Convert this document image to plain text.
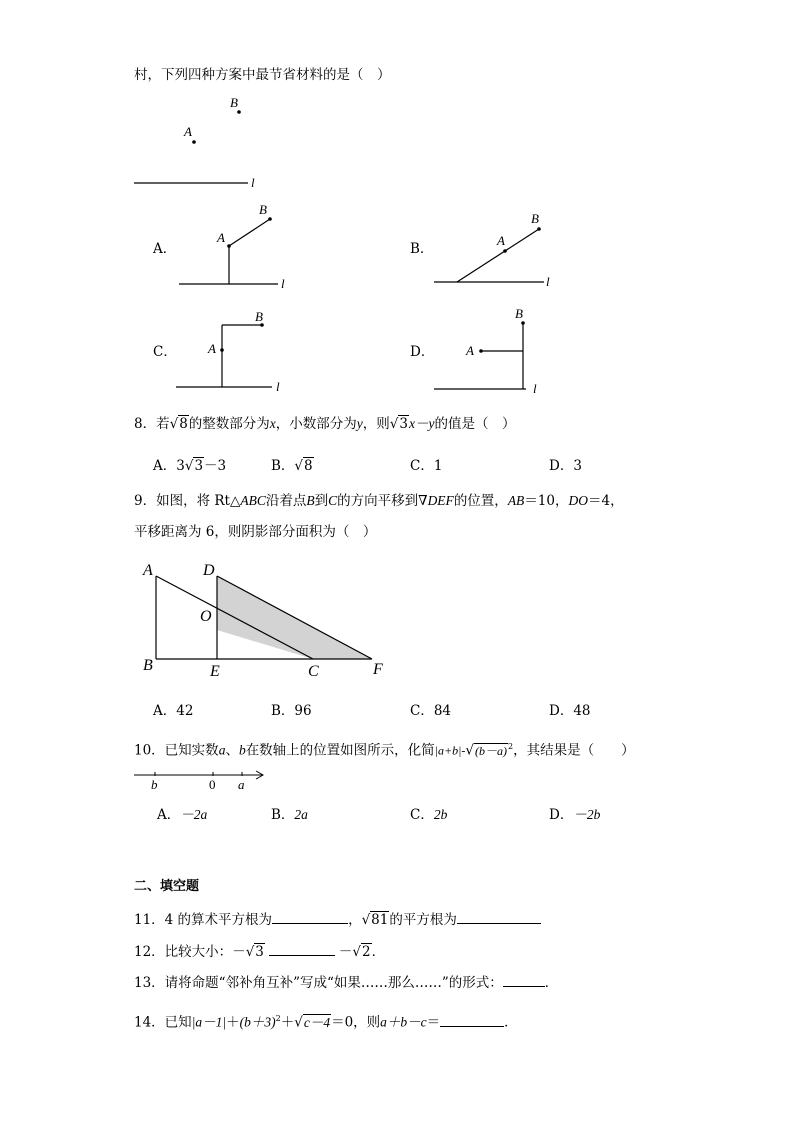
村，下列四种方案中最节省材料的是（　）
B
A
l
l
A
B
l
A
B
l
A
B
l
A
B
A．	B．
C．	D．
8．若√8的整数部分为x，小数部分为y，则√3x－y的值是（　）
A．3√3－3	B．√8	C．1	D．3
9．如图，将 Rt△ABC沿着点B到C的方向平移到∇DEF的位置，AB＝10，DO＝4，
平移距离为 6，则阴影部分面积为（　）
A	D
O
B	E	C	F
A．42	B．96	C．84	D．48
10．已知实数a、b在数轴上的位置如图所示，化简$|a+b|-√(b-a)^2$，其结果是（　　）
b	0 a
A．－2a	B．2a	C．2b	D．－2b
二、填空题
11．4 的算术平方根为	，√81的平方根为
12．比较大小：－√3	－√2．
13．请将命题“邻补角互补”写成“如果……那么……”的形式：	．
14．已知$|a-1|+(b+3)^2+√c-4=0$，则a＋b－c＝	．
